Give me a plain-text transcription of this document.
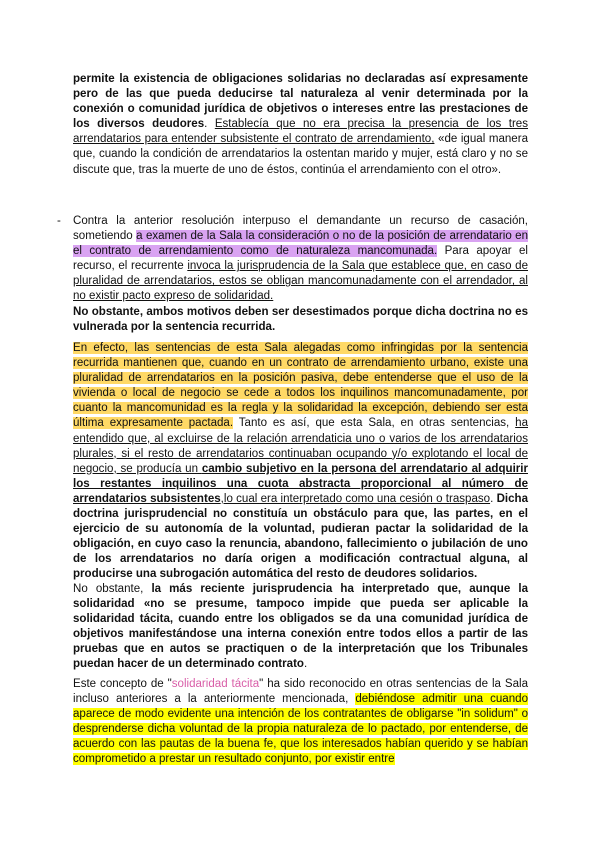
permite la existencia de obligaciones solidarias no declaradas así expresamente pero de las que pueda deducirse tal naturaleza al venir determinada por la conexión o comunidad jurídica de objetivos o intereses entre las prestaciones de los diversos deudores. Establecía que no era precisa la presencia de los tres arrendatarios para entender subsistente el contrato de arrendamiento, «de igual manera que, cuando la condición de arrendatarios la ostentan marido y mujer, está claro y no se discute que, tras la muerte de uno de éstos, continúa el arrendamiento con el otro».

- Contra la anterior resolución interpuso el demandante un recurso de casación, sometiendo a examen de la Sala la consideración o no de la posición de arrendatario en el contrato de arrendamiento como de naturaleza mancomunada. Para apoyar el recurso, el recurrente invoca la jurisprudencia de la Sala que establece que, en caso de pluralidad de arrendatarios, estos se obligan mancomunadamente con el arrendador, al no existir pacto expreso de solidaridad.

No obstante, ambos motivos deben ser desestimados porque dicha doctrina no es vulnerada por la sentencia recurrida.

En efecto, las sentencias de esta Sala alegadas como infringidas por la sentencia recurrida mantienen que, cuando en un contrato de arrendamiento urbano, existe una pluralidad de arrendatarios en la posición pasiva, debe entenderse que el uso de la vivienda o local de negocio se cede a todos los inquilinos mancomunadamente, por cuanto la mancomunidad es la regla y la solidaridad la excepción, debiendo ser esta última expresamente pactada. Tanto es así, que esta Sala, en otras sentencias, ha entendido que, al excluirse de la relación arrendaticia uno o varios de los arrendatarios plurales, si el resto de arrendatarios continuaban ocupando y/o explotando el local de negocio, se producía un cambio subjetivo en la persona del arrendatario al adquirir los restantes inquilinos una cuota abstracta proporcional al número de arrendatarios subsistentes,lo cual era interpretado como una cesión o traspaso. Dicha doctrina jurisprudencial no constituía un obstáculo para que, las partes, en el ejercicio de su autonomía de la voluntad, pudieran pactar la solidaridad de la obligación, en cuyo caso la renuncia, abandono, fallecimiento o jubilación de uno de los arrendatarios no daría origen a modificación contractual alguna, al producirse una subrogación automática del resto de deudores solidarios.

No obstante, la más reciente jurisprudencia ha interpretado que, aunque la solidaridad «no se presume, tampoco impide que pueda ser aplicable la solidaridad tácita, cuando entre los obligados se da una comunidad jurídica de objetivos manifestándose una interna conexión entre todos ellos a partir de las pruebas que en autos se practiquen o de la interpretación que los Tribunales puedan hacer de un determinado contrato.

Este concepto de "solidaridad tácita" ha sido reconocido en otras sentencias de la Sala incluso anteriores a la anteriormente mencionada, debiéndose admitir una cuando aparece de modo evidente una intención de los contratantes de obligarse "in solidum" o desprenderse dicha voluntad de la propia naturaleza de lo pactado, por entenderse, de acuerdo con las pautas de la buena fe, que los interesados habían querido y se habían comprometido a prestar un resultado conjunto, por existir entre
